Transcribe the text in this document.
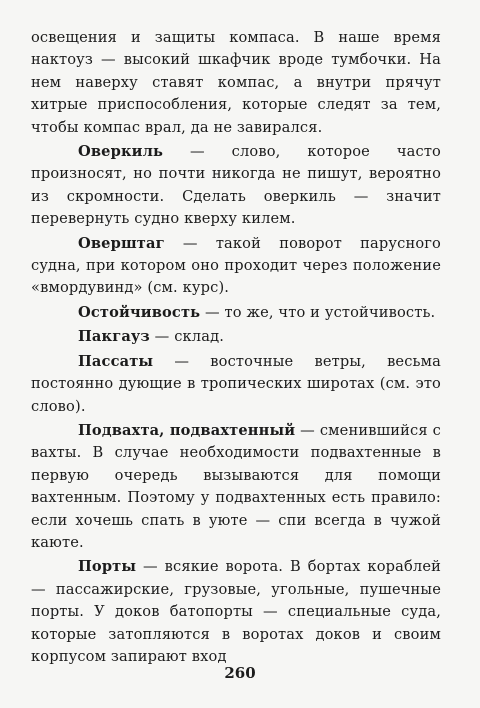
освещения и защиты компаса. В наше время нактоуз — высокий шкафчик вроде тумбочки. На нем наверху ставят компас, а внутри прячут хитрые приспособления, которые следят за тем, чтобы компас врал, да не завирался.

Оверкиль — слово, которое часто произносят, но почти никогда не пишут, вероятно из скромности. Сделать оверкиль — значит перевернуть судно кверху килем.

Оверштаг — такой поворот парусного судна, при котором оно проходит через положение «вмордувинд» (см. курс).

Остойчивость — то же, что и устойчивость.

Пакгауз — склад.

Пассаты — восточные ветры, весьма постоянно дующие в тропических широтах (см. это слово).

Подвахта, подвахтенный — сменившийся с вахты. В случае необходимости подвахтенные в первую очередь вызываются для помощи вахтенным. Поэтому у подвахтенных есть правило: если хочешь спать в уюте — спи всегда в чужой каюте.

Порты — всякие ворота. В бортах кораблей — пассажирские, грузовые, угольные, пушечные порты. У доков батопорты — специальные суда, которые затопляются в воротах доков и своим корпусом запирают вход

260
